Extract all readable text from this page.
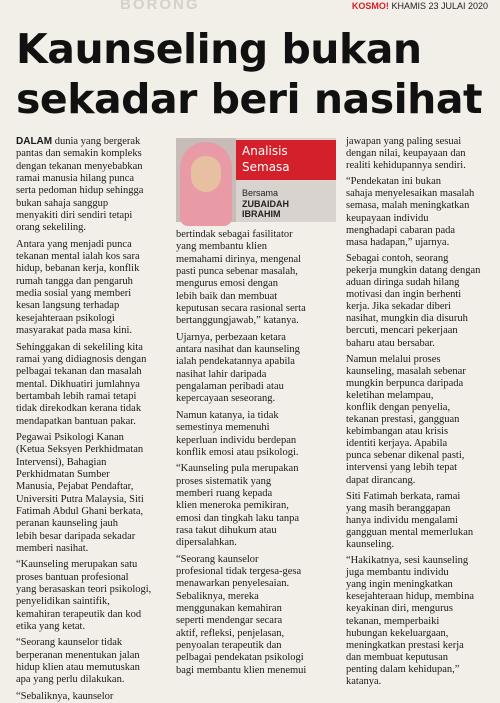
BORONG	KOSMO! KHAMIS 23 JULAI 2020
Kaunseling bukan
sekadar beri nasihat

DALAM dunia yang bergerak

pantas dan semakin kompleks

dengan tekanan menyebabkan

ramai manusia hilang punca

serta pedoman hidup sehingga

bukan sahaja sanggup

menyakiti diri sendiri tetapi

orang sekeliling.

Antara yang menjadi punca

tekanan mental ialah kos sara

hidup, bebanan kerja, konflik

rumah tangga dan pengaruh

media sosial yang memberi

kesan langsung terhadap

kesejahteraan psikologi

masyarakat pada masa kini.

Sehinggakan di sekeliling kita

ramai yang didiagnosis dengan

pelbagai tekanan dan masalah

mental. Dikhuatiri jumlahnya

bertambah lebih ramai tetapi

tidak direkodkan kerana tidak

mendapatkan bantuan pakar.

Pegawai Psikologi Kanan

(Ketua Seksyen Perkhidmatan

Intervensi), Bahagian

Perkhidmatan Sumber

Manusia, Pejabat Pendaftar,

Universiti Putra Malaysia, Siti

Fatimah Abdul Ghani berkata,

peranan kaunseling jauh

lebih besar daripada sekadar

memberi nasihat.

“Kaunseling merupakan satu

proses bantuan profesional

yang berasaskan teori psikologi,

penyelidikan saintifik,

kemahiran terapeutik dan kod

etika yang ketat.

“Seorang kaunselor tidak

berperanan menentukan jalan

hidup klien atau memutuskan

apa yang perlu dilakukan.

“Sebaliknya, kaunselor

Analisis
Semasa
Bersama
ZUBAIDAH
IBRAHIM

bertindak sebagai fasilitator

yang membantu klien

memahami dirinya, mengenal

pasti punca sebenar masalah,

mengurus emosi dengan

lebih baik dan membuat

keputusan secara rasional serta

bertanggungjawab,” katanya.

Ujarnya, perbezaan ketara

antara nasihat dan kaunseling

ialah pendekatannya apabila

nasihat lahir daripada

pengalaman peribadi atau

kepercayaan seseorang.

Namun katanya, ia tidak

semestinya memenuhi

keperluan individu berdepan

konflik emosi atau psikologi.

“Kaunseling pula merupakan

proses sistematik yang

memberi ruang kepada

klien meneroka pemikiran,

emosi dan tingkah laku tanpa

rasa takut dihukum atau

dipersalahkan.

“Seorang kaunselor

profesional tidak tergesa-gesa

menawarkan penyelesaian.

Sebaliknya, mereka

menggunakan kemahiran

seperti mendengar secara

aktif, refleksi, penjelasan,

penyoalan terapeutik dan

pelbagai pendekatan psikologi

bagi membantu klien menemui

jawapan yang paling sesuai

dengan nilai, keupayaan dan

realiti kehidupannya sendiri.

“Pendekatan ini bukan

sahaja menyelesaikan masalah

semasa, malah meningkatkan

keupayaan individu

menghadapi cabaran pada

masa hadapan,” ujarnya.

Sebagai contoh, seorang

pekerja mungkin datang dengan

aduan diringa sudah hilang

motivasi dan ingin berhenti

kerja. Jika sekadar diberi

nasihat, mungkin dia disuruh

bercuti, mencari pekerjaan

baharu atau bersabar.

Namun melalui proses

kaunseling, masalah sebenar

mungkin berpunca daripada

keletihan melampau,

konflik dengan penyelia,

tekanan prestasi, gangguan

kebimbangan atau krisis

identiti kerjaya. Apabila

punca sebenar dikenal pasti,

intervensi yang lebih tepat

dapat dirancang.

Siti Fatimah berkata, ramai

yang masih beranggapan

hanya individu mengalami

gangguan mental memerlukan

kaunseling.

“Hakikatnya, sesi kaunseling

juga membantu individu

yang ingin meningkatkan

kesejahteraan hidup, membina

keyakinan diri, mengurus

tekanan, memperbaiki

hubungan kekeluargaan,

meningkatkan prestasi kerja

dan membuat keputusan

penting dalam kehidupan,”

katanya.
